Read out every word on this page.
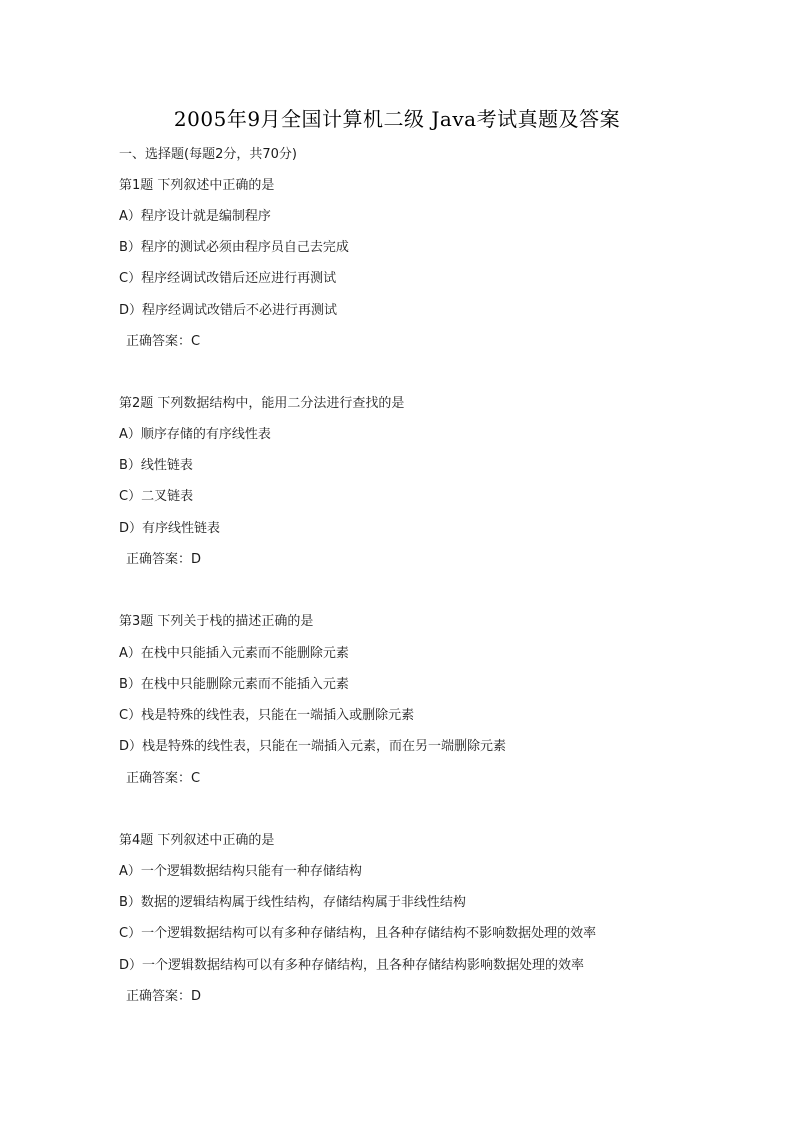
2005年9月全国计算机二级 Java考试真题及答案
一、选择题(每题2分，共70分)
第1题 下列叙述中正确的是
A）程序设计就是编制程序
B）程序的测试必须由程序员自己去完成
C）程序经调试改错后还应进行再测试
D）程序经调试改错后不必进行再测试
正确答案：C
第2题 下列数据结构中，能用二分法进行查找的是
A）顺序存储的有序线性表
B）线性链表
C）二叉链表
D）有序线性链表
正确答案：D
第3题 下列关于栈的描述正确的是
A）在栈中只能插入元素而不能删除元素
B）在栈中只能删除元素而不能插入元素
C）栈是特殊的线性表，只能在一端插入或删除元素
D）栈是特殊的线性表，只能在一端插入元素，而在另一端删除元素
正确答案：C
第4题 下列叙述中正确的是
A）一个逻辑数据结构只能有一种存储结构
B）数据的逻辑结构属于线性结构，存储结构属于非线性结构
C）一个逻辑数据结构可以有多种存储结构，且各种存储结构不影响数据处理的效率
D）一个逻辑数据结构可以有多种存储结构，且各种存储结构影响数据处理的效率
正确答案：D
